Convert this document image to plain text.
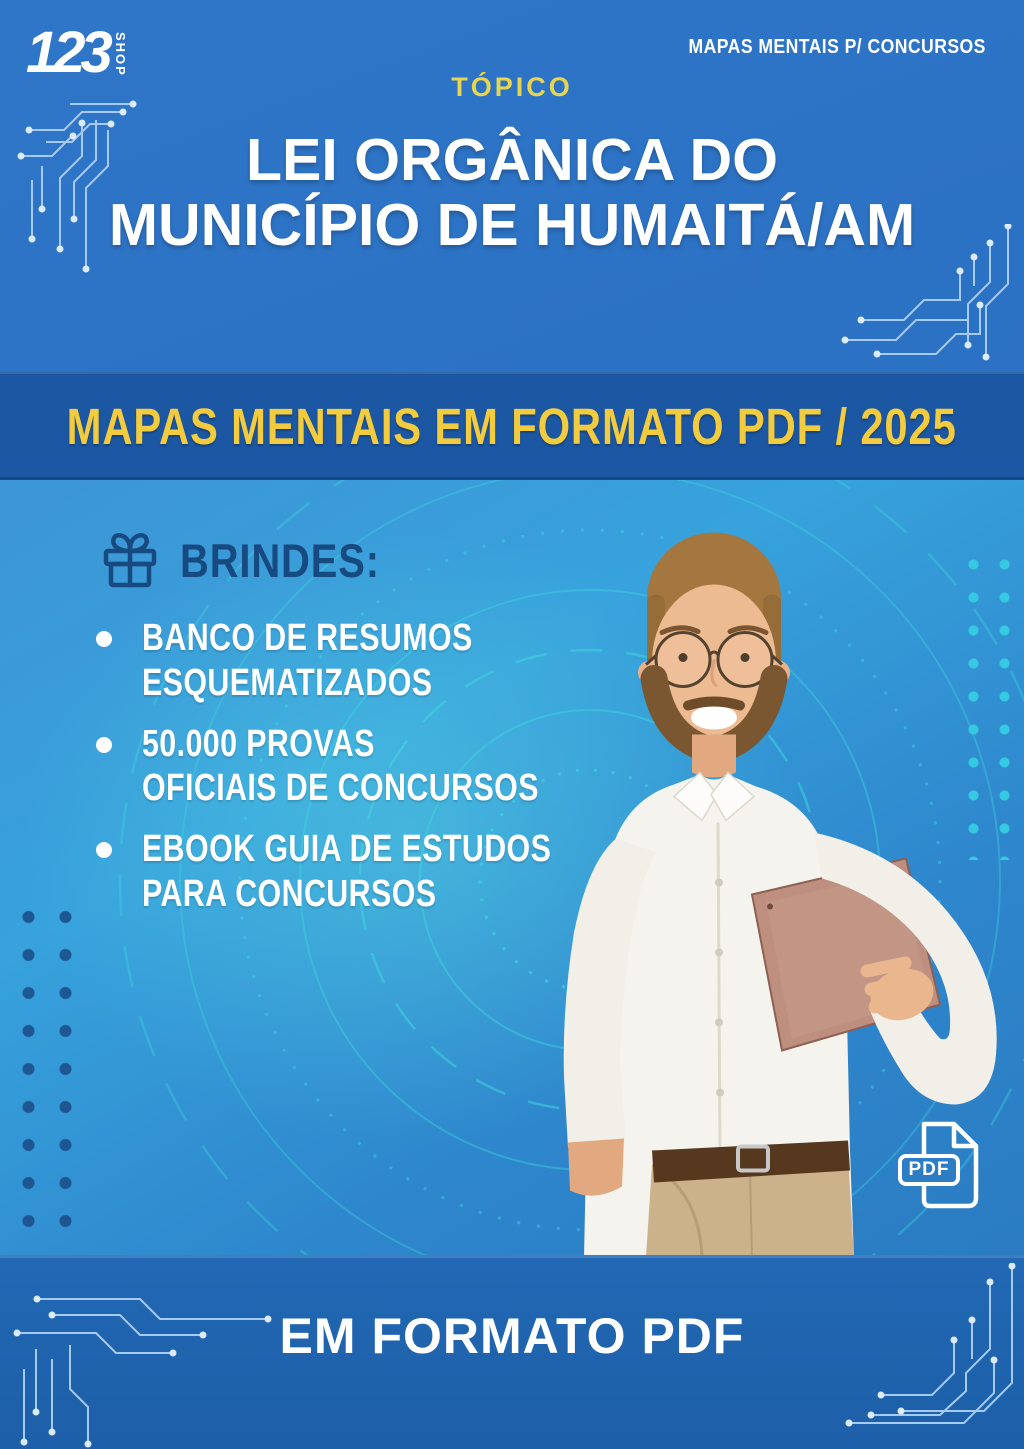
123 SHOP	MAPAS MENTAIS P/ CONCURSOS
TÓPICO
LEI ORGÂNICA DO
MUNICÍPIO DE HUMAITÁ/AM
MAPAS MENTAIS EM FORMATO PDF / 2025
BRINDES:
BANCO DE RESUMOS
ESQUEMATIZADOS
50.000 PROVAS
OFICIAIS DE CONCURSOS
EBOOK GUIA DE ESTUDOS
PARA CONCURSOS
PDF
EM FORMATO PDF
